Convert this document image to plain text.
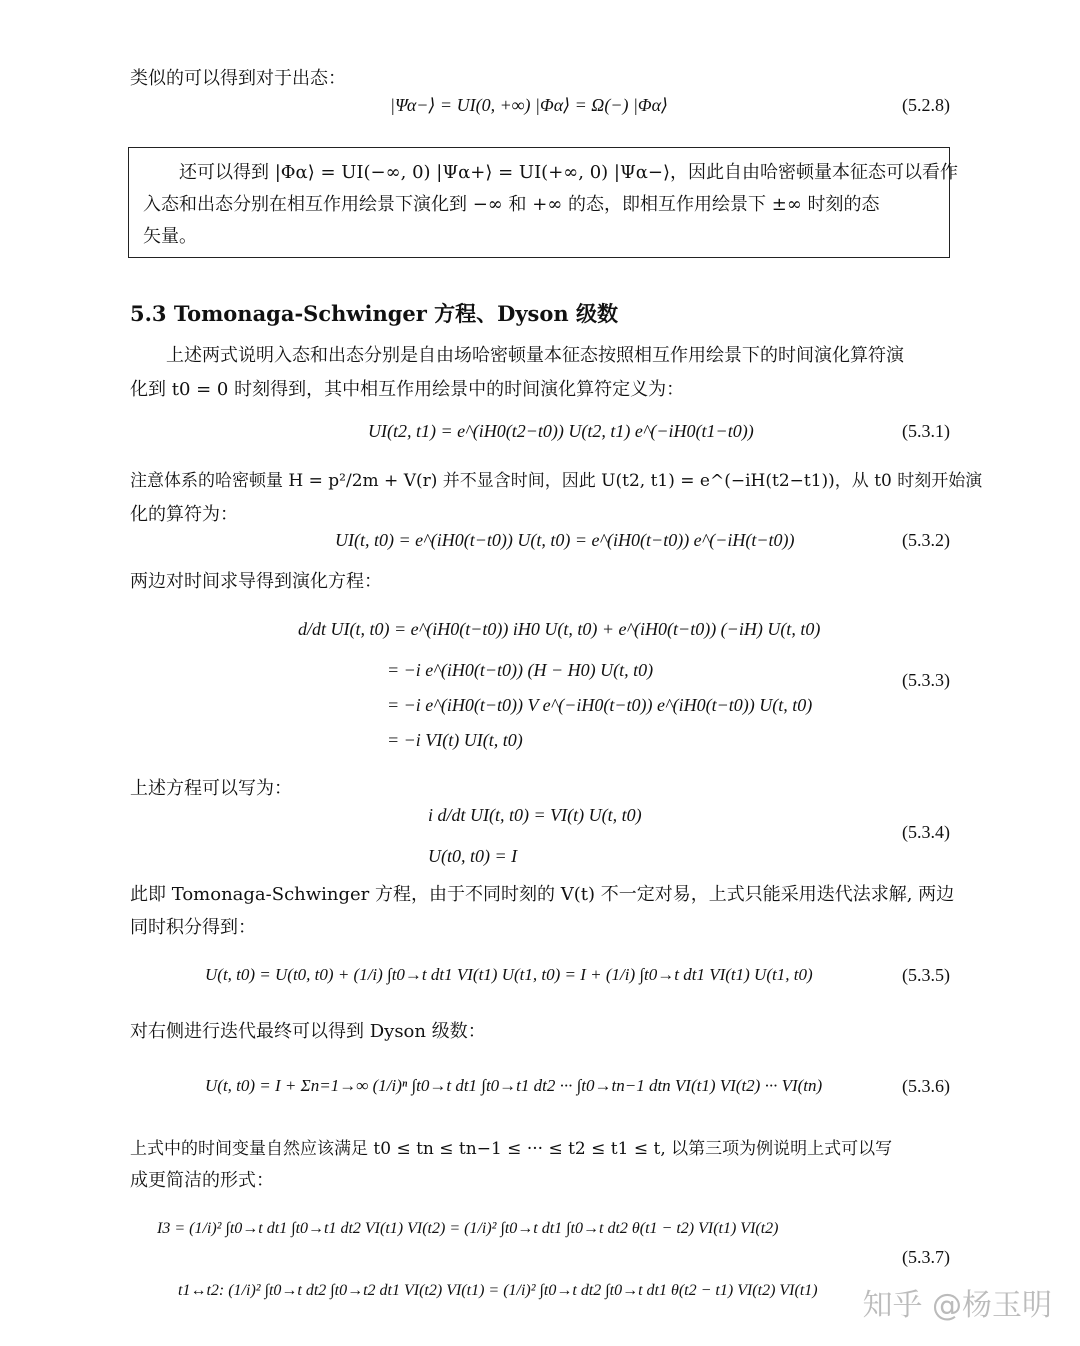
类似的可以得到对于出态：
|Ψα−⟩ = UI(0, +∞) |Φα⟩ = Ω(−) |Φα⟩	(5.2.8)
还可以得到 |Φα⟩ = UI(−∞, 0) |Ψα+⟩ = UI(+∞, 0) |Ψα−⟩，因此自由哈密顿量本征态可以看作
入态和出态分别在相互作用绘景下演化到 −∞ 和 +∞ 的态，即相互作用绘景下 ±∞ 时刻的态
矢量。
5.3 Tomonaga-Schwinger 方程、Dyson 级数
上述两式说明入态和出态分别是自由场哈密顿量本征态按照相互作用绘景下的时间演化算符演
化到 t0 = 0 时刻得到，其中相互作用绘景中的时间演化算符定义为：
UI(t2, t1) = e^(iH0(t2−t0)) U(t2, t1) e^(−iH0(t1−t0))	(5.3.1)
注意体系的哈密顿量 H = p²/2m + V(r) 并不显含时间，因此 U(t2, t1) = e^(−iH(t2−t1))，从 t0 时刻开始演
化的算符为：
UI(t, t0) = e^(iH0(t−t0)) U(t, t0) = e^(iH0(t−t0)) e^(−iH(t−t0))	(5.3.2)
两边对时间求导得到演化方程：
d/dt UI(t, t0) = e^(iH0(t−t0)) iH0 U(t, t0) + e^(iH0(t−t0)) (−iH) U(t, t0)
= −i e^(iH0(t−t0)) (H − H0) U(t, t0)
= −i e^(iH0(t−t0)) V e^(−iH0(t−t0)) e^(iH0(t−t0)) U(t, t0)
= −i VI(t) UI(t, t0)
(5.3.3)
上述方程可以写为：
i d/dt UI(t, t0) = VI(t) U(t, t0)
U(t0, t0) = I
(5.3.4)
此即 Tomonaga-Schwinger 方程，由于不同时刻的 V(t) 不一定对易，上式只能采用迭代法求解, 两边
同时积分得到：
U(t, t0) = U(t0, t0) + (1/i) ∫t0→t dt1 VI(t1) U(t1, t0) = I + (1/i) ∫t0→t dt1 VI(t1) U(t1, t0)	(5.3.5)
对右侧进行迭代最终可以得到 Dyson 级数：
U(t, t0) = I + Σn=1→∞ (1/i)ⁿ ∫t0→t dt1 ∫t0→t1 dt2 ··· ∫t0→tn−1 dtn VI(t1) VI(t2) ··· VI(tn)	(5.3.6)
上式中的时间变量自然应该满足 t0 ≤ tn ≤ tn−1 ≤ ··· ≤ t2 ≤ t1 ≤ t, 以第三项为例说明上式可以写
成更简洁的形式：
I3 = (1/i)² ∫t0→t dt1 ∫t0→t1 dt2 VI(t1) VI(t2) = (1/i)² ∫t0→t dt1 ∫t0→t dt2 θ(t1 − t2) VI(t1) VI(t2)
t1↔t2: (1/i)² ∫t0→t dt2 ∫t0→t2 dt1 VI(t2) VI(t1) = (1/i)² ∫t0→t dt2 ∫t0→t dt1 θ(t2 − t1) VI(t2) VI(t1)
(5.3.7)
知乎 @杨玉明
